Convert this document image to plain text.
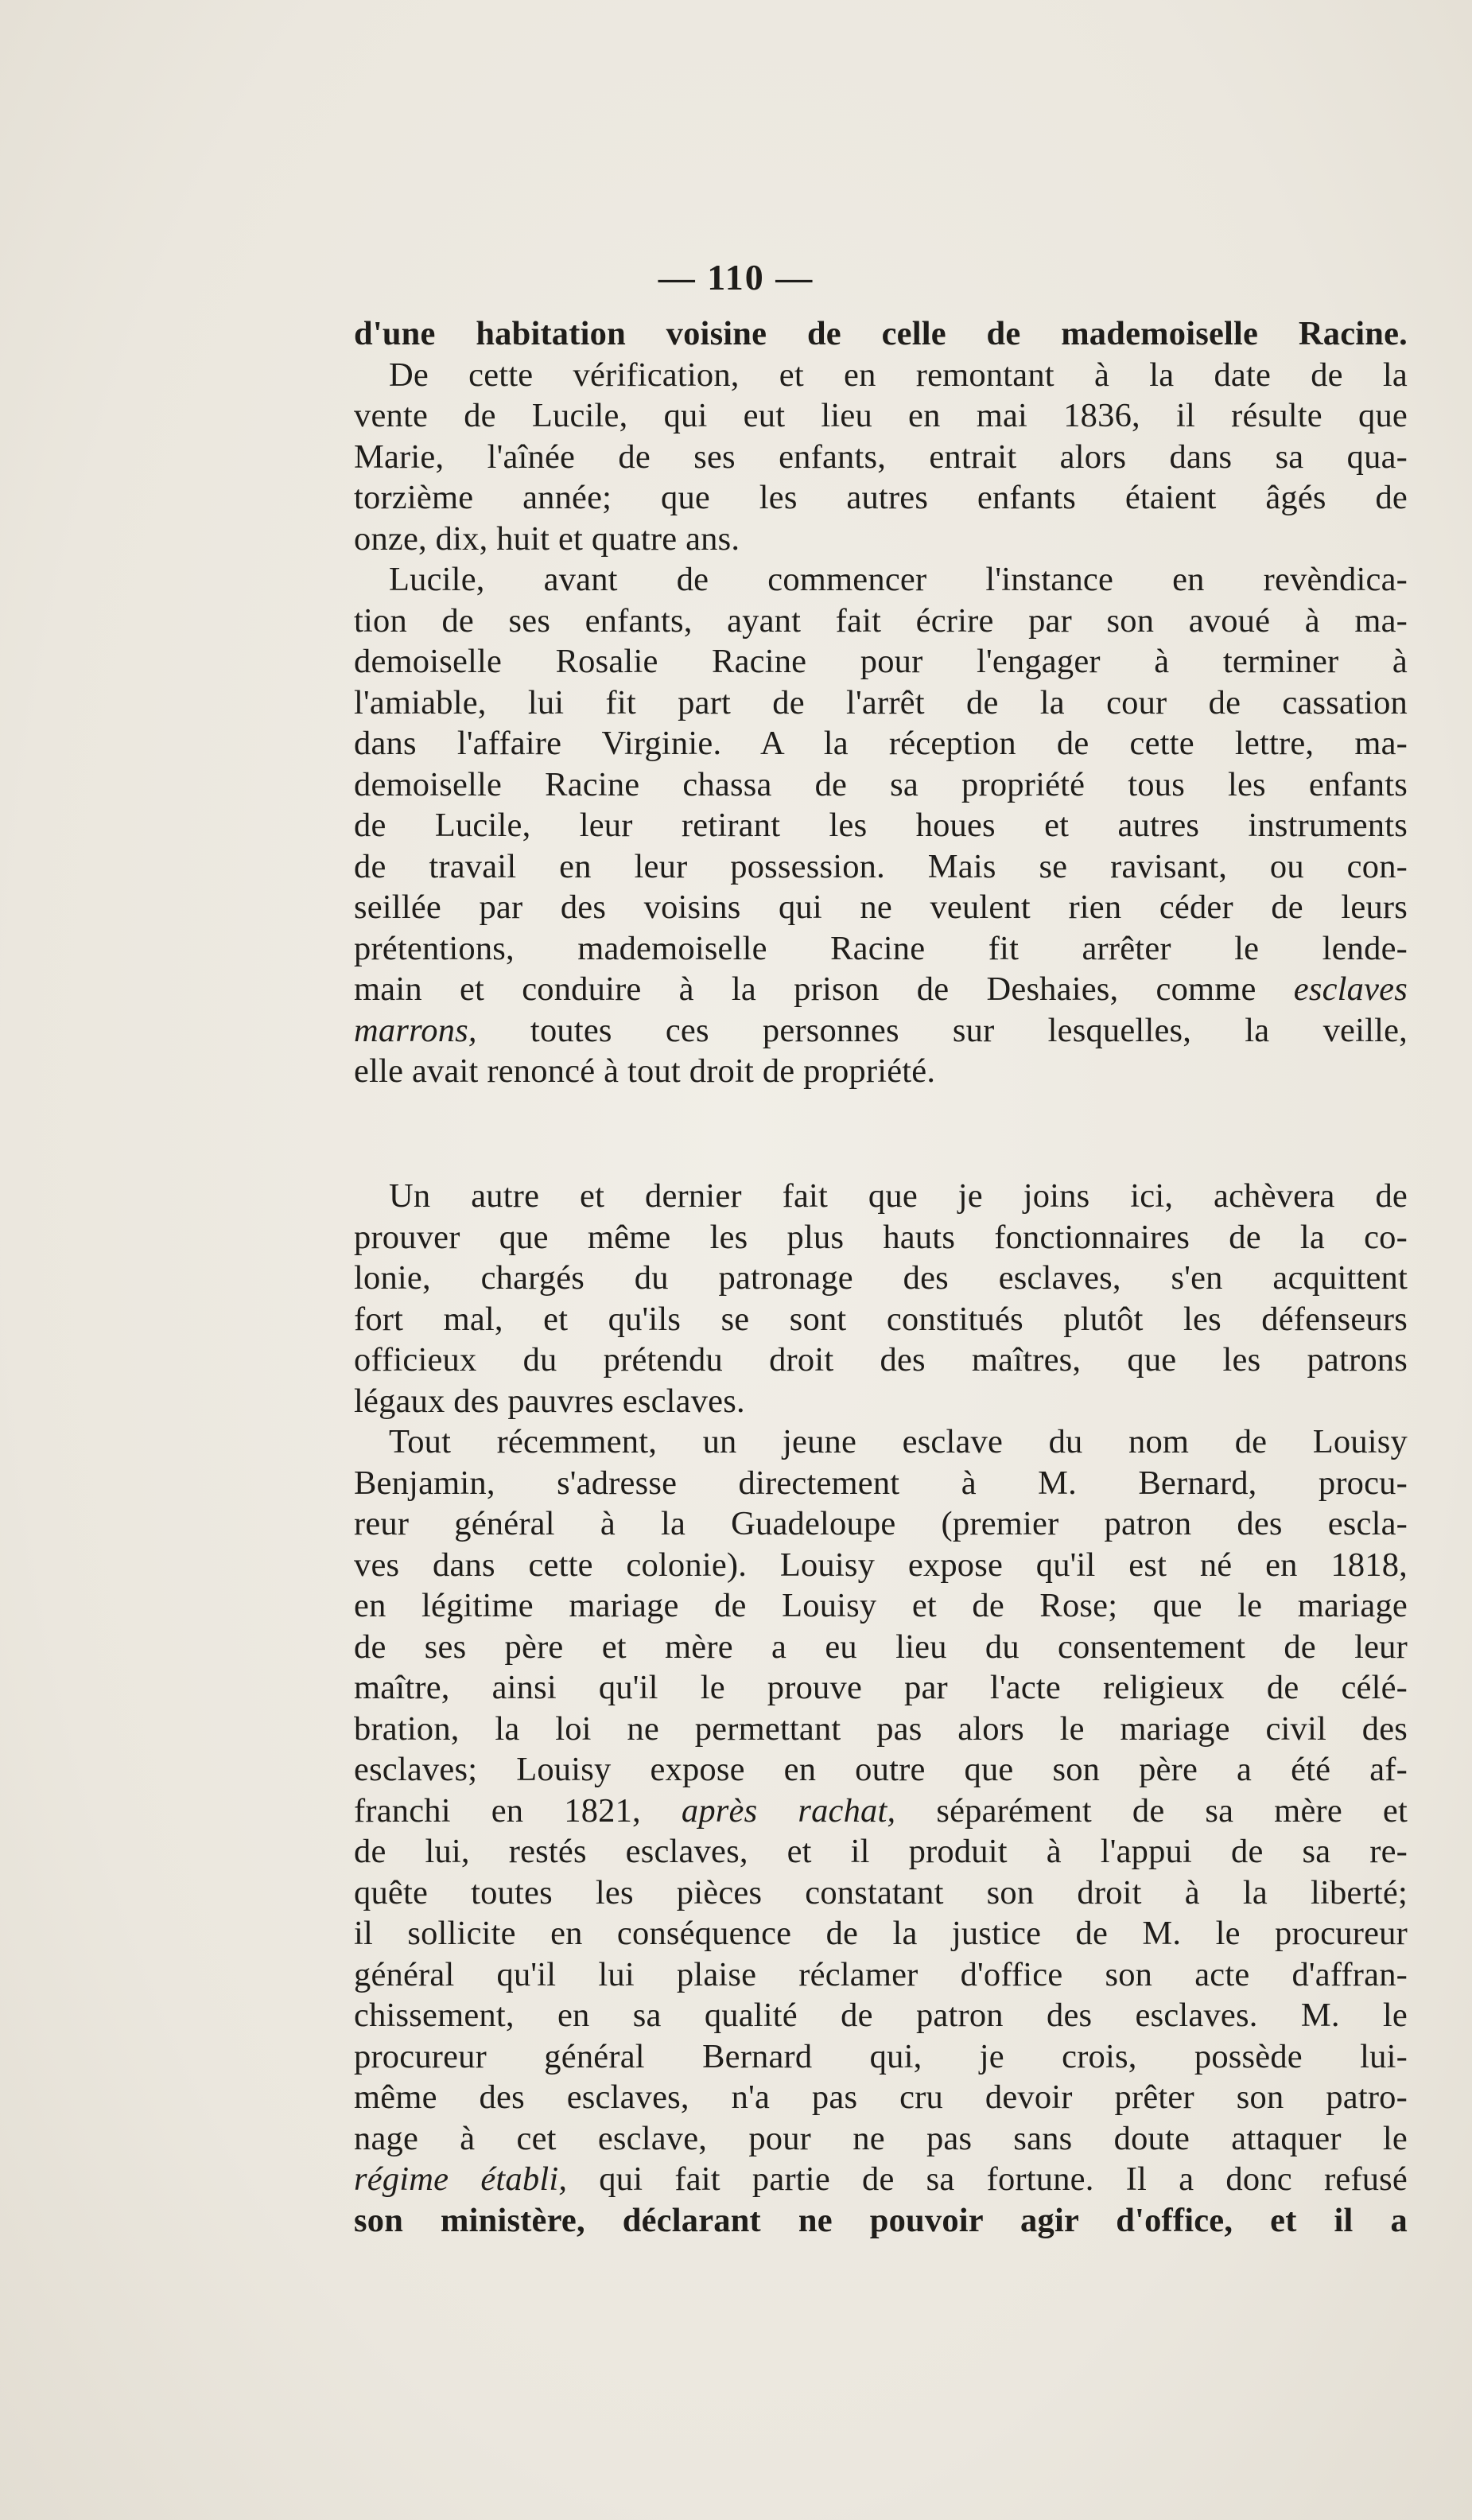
— 110 —
d'une habitation voisine de celle de mademoiselle Racine.
De cette vérification, et en remontant à la date de la
vente de Lucile, qui eut lieu en mai 1836, il résulte que
Marie, l'aînée de ses enfants, entrait alors dans sa qua-
torzième année; que les autres enfants étaient âgés de
onze, dix, huit et quatre ans.
Lucile, avant de commencer l'instance en revèndica-
tion de ses enfants, ayant fait écrire par son avoué à ma-
demoiselle Rosalie Racine pour l'engager à terminer à
l'amiable, lui fit part de l'arrêt de la cour de cassation
dans l'affaire Virginie. A la réception de cette lettre, ma-
demoiselle Racine chassa de sa propriété tous les enfants
de Lucile, leur retirant les houes et autres instruments
de travail en leur possession. Mais se ravisant, ou con-
seillée par des voisins qui ne veulent rien céder de leurs
prétentions, mademoiselle Racine fit arrêter le lende-
main et conduire à la prison de Deshaies, comme esclaves
marrons, toutes ces personnes sur lesquelles, la veille,
elle avait renoncé à tout droit de propriété.
Un autre et dernier fait que je joins ici, achèvera de
prouver que même les plus hauts fonctionnaires de la co-
lonie, chargés du patronage des esclaves, s'en acquittent
fort mal, et qu'ils se sont constitués plutôt les défenseurs
officieux du prétendu droit des maîtres, que les patrons
légaux des pauvres esclaves.
Tout récemment, un jeune esclave du nom de Louisy
Benjamin, s'adresse directement à M. Bernard, procu-
reur général à la Guadeloupe (premier patron des escla-
ves dans cette colonie). Louisy expose qu'il est né en 1818,
en légitime mariage de Louisy et de Rose; que le mariage
de ses père et mère a eu lieu du consentement de leur
maître, ainsi qu'il le prouve par l'acte religieux de célé-
bration, la loi ne permettant pas alors le mariage civil des
esclaves; Louisy expose en outre que son père a été af-
franchi en 1821, après rachat, séparément de sa mère et
de lui, restés esclaves, et il produit à l'appui de sa re-
quête toutes les pièces constatant son droit à la liberté;
il sollicite en conséquence de la justice de M. le procureur
général qu'il lui plaise réclamer d'office son acte d'affran-
chissement, en sa qualité de patron des esclaves. M. le
procureur général Bernard qui, je crois, possède lui-
même des esclaves, n'a pas cru devoir prêter son patro-
nage à cet esclave, pour ne pas sans doute attaquer le
régime établi, qui fait partie de sa fortune. Il a donc refusé
son ministère, déclarant ne pouvoir agir d'office, et il a
